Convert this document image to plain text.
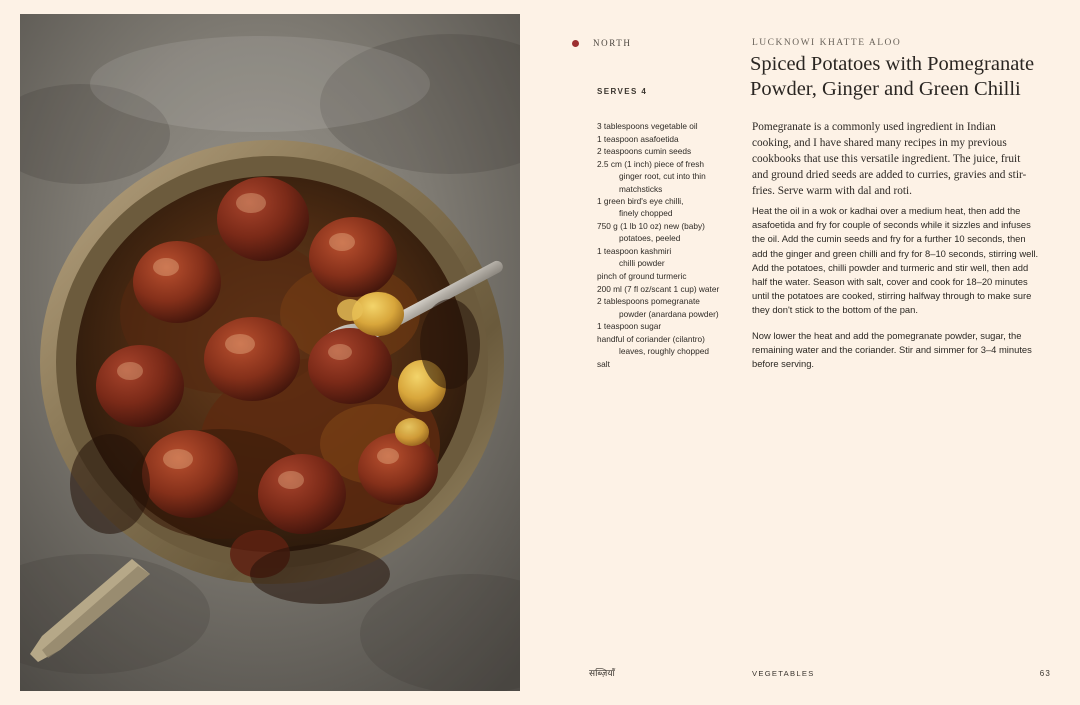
NORTH
SERVES 4
3 tablespoons vegetable oil
1 teaspoon asafoetida
2 teaspoons cumin seeds
2.5 cm (1 inch) piece of fresh
ginger root, cut into thin matchsticks
1 green bird's eye chilli,
finely chopped
750 g (1 lb 10 oz) new (baby)
potatoes, peeled
1 teaspoon kashmiri
chilli powder
pinch of ground turmeric
200 ml (7 fl oz/scant 1 cup) water
2 tablespoons pomegranate
powder (anardana powder)
1 teaspoon sugar
handful of coriander (cilantro)
leaves, roughly chopped
salt
LUCKNOWI KHATTE ALOO
Spiced Potatoes with Pomegranate Powder, Ginger and Green Chilli
Pomegranate is a commonly used ingredient in Indian cooking, and I have shared many recipes in my previous cookbooks that use this versatile ingredient. The juice, fruit and ground dried seeds are added to curries, gravies and stir-fries. Serve warm with dal and roti.

Heat the oil in a wok or kadhai over a medium heat, then add the asafoetida and fry for couple of seconds while it sizzles and infuses the oil. Add the cumin seeds and fry for a further 10 seconds, then add the ginger and green chilli and fry for 8–10 seconds, stirring well. Add the potatoes, chilli powder and turmeric and stir well, then add half the water. Season with salt, cover and cook for 18–20 minutes until the potatoes are cooked, stirring halfway through to make sure they don't stick to the bottom of the pan.

Now lower the heat and add the pomegranate powder, sugar, the remaining water and the coriander. Stir and simmer for 3–4 minutes before serving.

सब्ज़ियाँ	VEGETABLES	63
